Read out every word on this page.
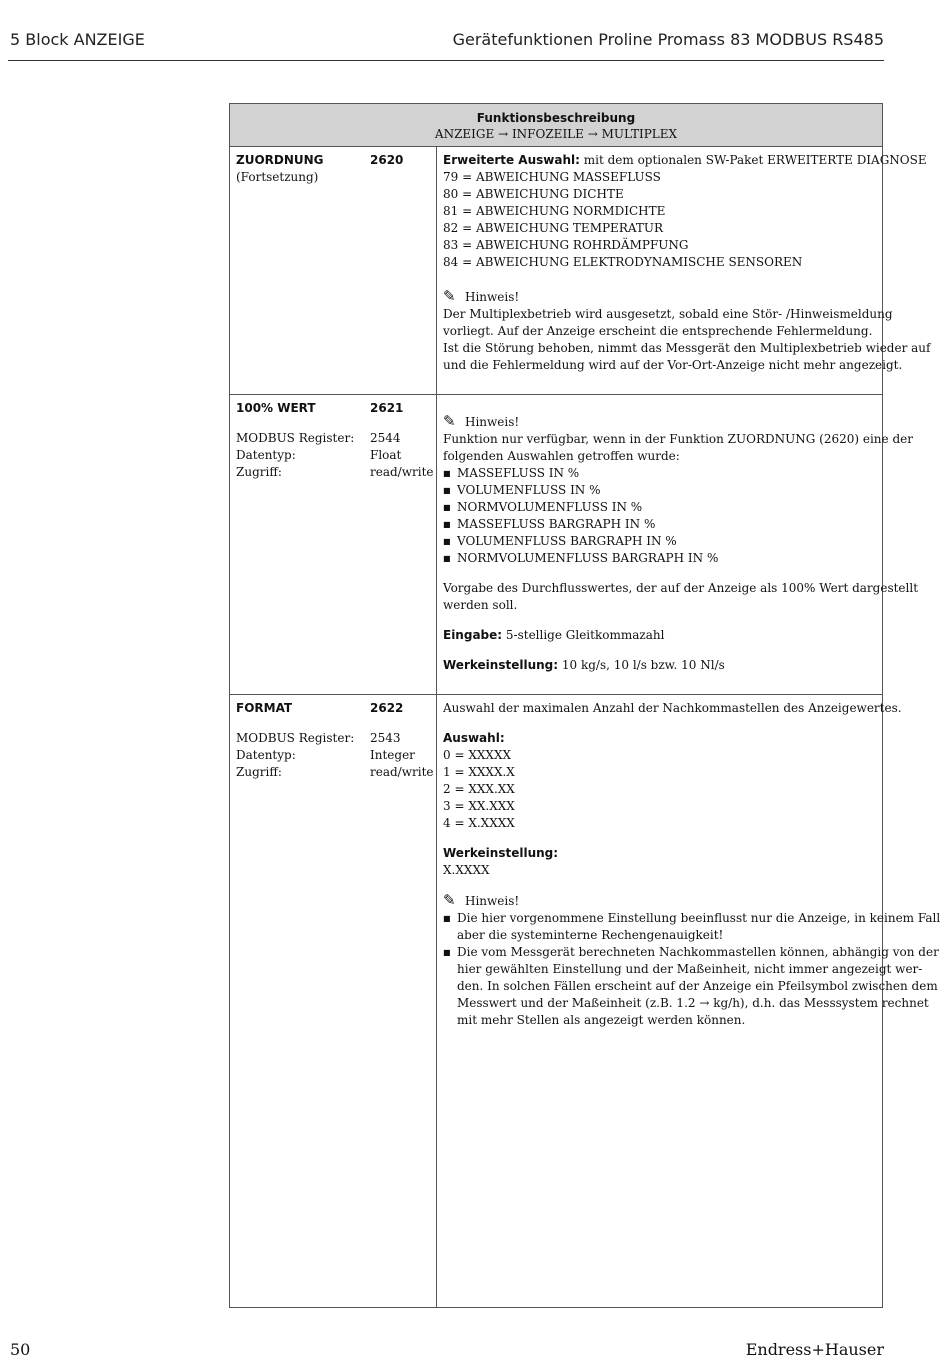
5 Block ANZEIGE	Gerätefunktionen Proline Promass 83 MODBUS RS485
Funktionsbeschreibung
ANZEIGE → INFOZEILE → MULTIPLEX
ZUORDNUNG	2620
(Fortsetzung)
Erweiterte Auswahl: mit dem optionalen SW-Paket ERWEITERTE DIAGNOSE
79 = ABWEICHUNG MASSEFLUSS
80 = ABWEICHUNG DICHTE
81 = ABWEICHUNG NORMDICHTE
82 = ABWEICHUNG TEMPERATUR
83 = ABWEICHUNG ROHRDÄMPFUNG
84 = ABWEICHUNG ELEKTRODYNAMISCHE SENSOREN
✎ Hinweis!
Der Multiplexbetrieb wird ausgesetzt, sobald eine Stör- /Hinweismeldung
vorliegt. Auf der Anzeige erscheint die entsprechende Fehlermeldung.
Ist die Störung behoben, nimmt das Messgerät den Multiplexbetrieb wieder auf
und die Fehlermeldung wird auf der Vor-Ort-Anzeige nicht mehr angezeigt.
100% WERT	2621
MODBUS Register: 2544
Datentyp:	Float
Zugriff:	read/write
✎ Hinweis!
Funktion nur verfügbar, wenn in der Funktion ZUORDNUNG (2620) eine der
folgenden Auswahlen getroffen wurde:
■ MASSEFLUSS IN %
■ VOLUMENFLUSS IN %
■ NORMVOLUMENFLUSS IN %
■ MASSEFLUSS BARGRAPH IN %
■ VOLUMENFLUSS BARGRAPH IN %
■ NORMVOLUMENFLUSS BARGRAPH IN %
Vorgabe des Durchflusswertes, der auf der Anzeige als 100% Wert dargestellt
werden soll.
Eingabe: 5-stellige Gleitkommazahl
Werkeinstellung: 10 kg/s, 10 l/s bzw. 10 Nl/s
FORMAT	2622
MODBUS Register: 2543
Datentyp:	Integer
Zugriff:	read/write
Auswahl der maximalen Anzahl der Nachkommastellen des Anzeigewertes.
Auswahl:
0 = XXXXX
1 = XXXX.X
2 = XXX.XX
3 = XX.XXX
4 = X.XXXX
Werkeinstellung:
X.XXXX
✎ Hinweis!
■ Die hier vorgenommene Einstellung beeinflusst nur die Anzeige, in keinem Fall
aber die systeminterne Rechengenauigkeit!
■ Die vom Messgerät berechneten Nachkommastellen können, abhängig von der
hier gewählten Einstellung und der Maßeinheit, nicht immer angezeigt wer-
den. In solchen Fällen erscheint auf der Anzeige ein Pfeilsymbol zwischen dem
Messwert und der Maßeinheit (z.B. 1.2 → kg/h), d.h. das Messsystem rechnet
mit mehr Stellen als angezeigt werden können.
50	Endress+Hauser
